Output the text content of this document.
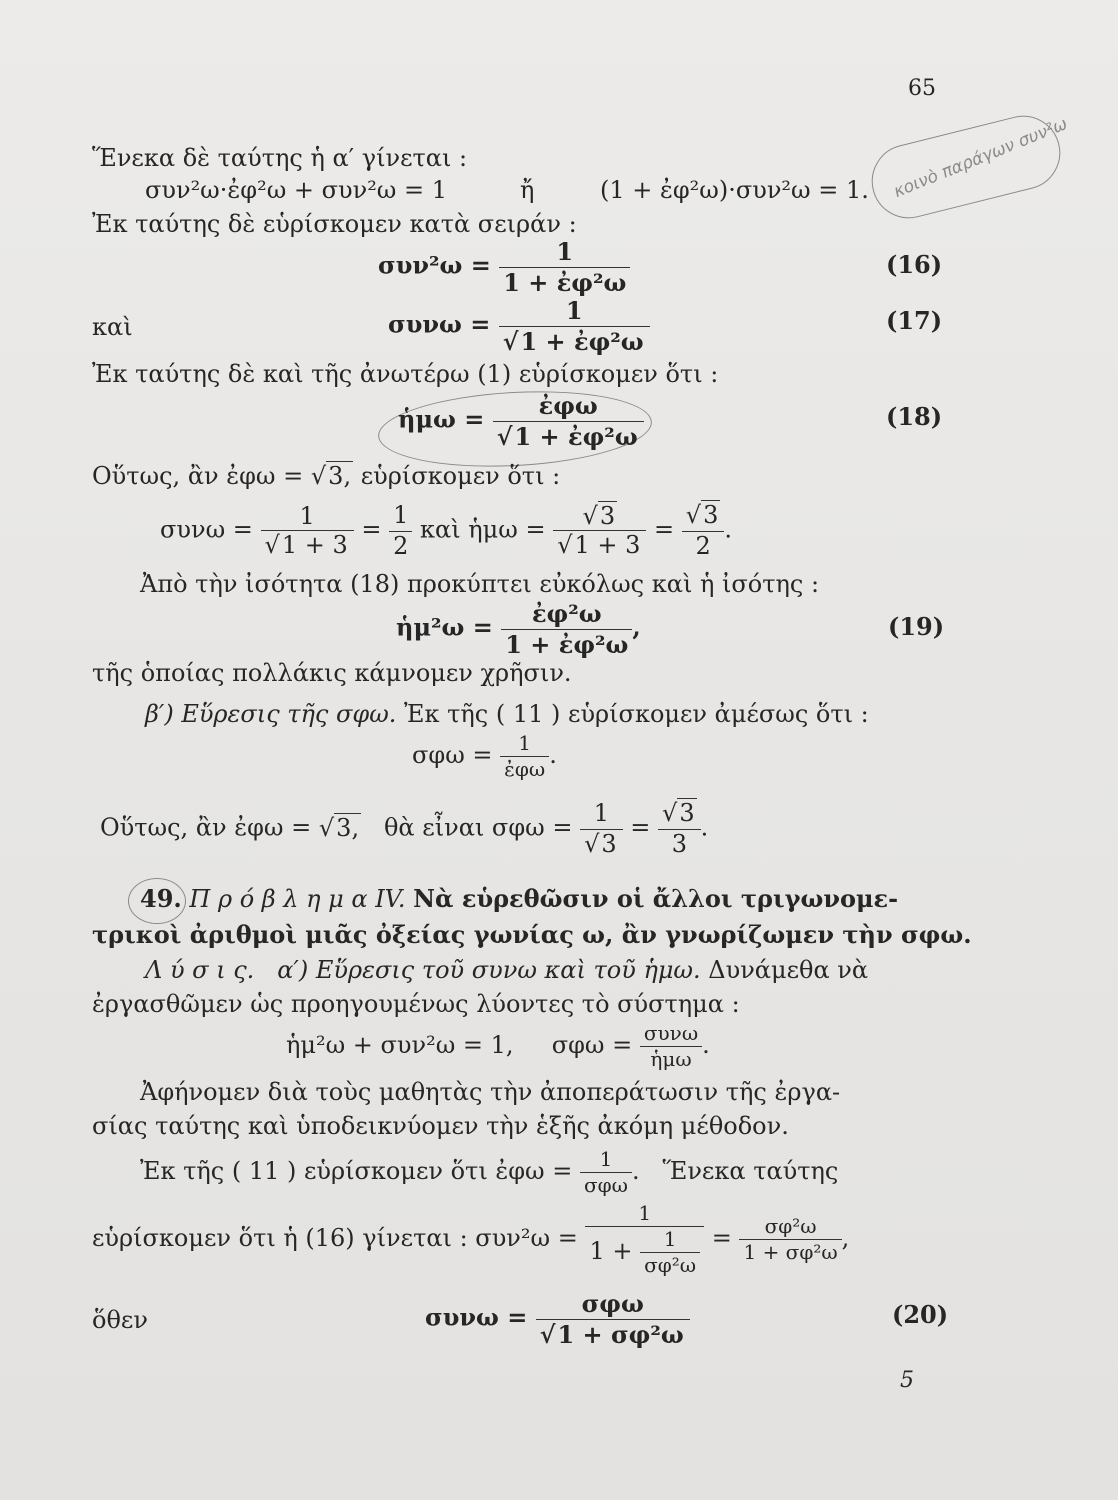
65
Ἕνεκα δὲ ταύτης ἡ α′ γίνεται :
συν²ω·ἐφ²ω + συν²ω = 1	ἤ	(1 + ἐφ²ω)·συν²ω = 1. κοινὸ παράγων συν²ω
Ἐκ ταύτης δὲ εὑρίσκομεν κατὰ σειράν :
$\sigma\upsilon\nu^2\omega = \frac{1}{\text{1 + ἐφ²ω}}$	(16)
καὶ	$\sigma\upsilon\nu\omega = \frac{1}{\text{√1 + ἐφ²ω}}$	(17)
Ἐκ ταύτης δὲ καὶ τῆς ἀνωτέρω (1) εὑρίσκομεν ὅτι :
ἡμω = $\frac{\text{ἐφω}}{\text{√1 + ἐφ²ω}}$	(18)
Οὕτως, ἂν ἐφω = √3, εὑρίσκομεν ὅτι :
$\sigma\upsilon\nu\omega = \frac{1}{√1 + 3} = \frac{1}{2}$ καὶ ἡμω = $\frac{√3}{√1 + 3} = \frac{√3}{2}$ .
Ἀπὸ τὴν ἰσότητα (18) προκύπτει εὐκόλως καὶ ἡ ἰσότης :
ἡμ²ω = $\frac{\text{ἐφ²ω}}{\text{1 + ἐφ²ω}}$ ,	(19)
τῆς ὁποίας πολλάκις κάμνομεν χρῆσιν.
β′) Εὕρεσις τῆς σφω. Ἐκ τῆς ( 11 ) εὑρίσκομεν ἀμέσως ὅτι :
$\sigma\varphi\omega = \frac{1}{\text{ἐφω}}$ .
Οὕτως, ἂν ἐφω = √3, θὰ εἶναι $\sigma\varphi\omega = \frac{1}{√3} = \frac{√3}{3}$ .
49. Π ρ ό β λ η μ α IV. Νὰ εὑρεθῶσιν οἱ ἄλλοι τριγωνομε-
τρικοὶ ἀριθμοὶ μιᾶς ὀξείας γωνίας ω, ἂν γνωρίζωμεν τὴν σφω.
Λ ύ σ ι ς. α′) Εὕρεσις τοῦ συνω καὶ τοῦ ἡμω. Δυνάμεθα νὰ
ἐργασθῶμεν ὡς προηγουμένως λύοντες τὸ σύστημα :
ἡμ²ω + συν²ω = 1, $\sigma\varphi\omega = \frac{\text{συνω}}{\text{ἡμω}}$ .
Ἀφήνομεν διὰ τοὺς μαθητὰς τὴν ἀποπεράτωσιν τῆς ἐργα-
σίας ταύτης καὶ ὑποδεικνύομεν τὴν ἑξῆς ἀκόμη μέθοδον.
Ἐκ τῆς ( 11 ) εὑρίσκομεν ὅτι ἐφω = $\frac{1}{\text{σφω}}$ .   Ἕνεκα ταύτης
εὑρίσκομεν ὅτι ἡ (16) γίνεται : $\sigma\upsilon\nu^2\omega = \frac{1}{1 + \frac{1}{\text{σφ²ω}}} = \frac{\text{σφ²ω}}{\text{1 + σφ²ω}}$ ,
ὅθεν	$\sigma\upsilon\nu\omega = \frac{\text{σφω}}{\text{√1 + σφ²ω}}$	(20)
5
